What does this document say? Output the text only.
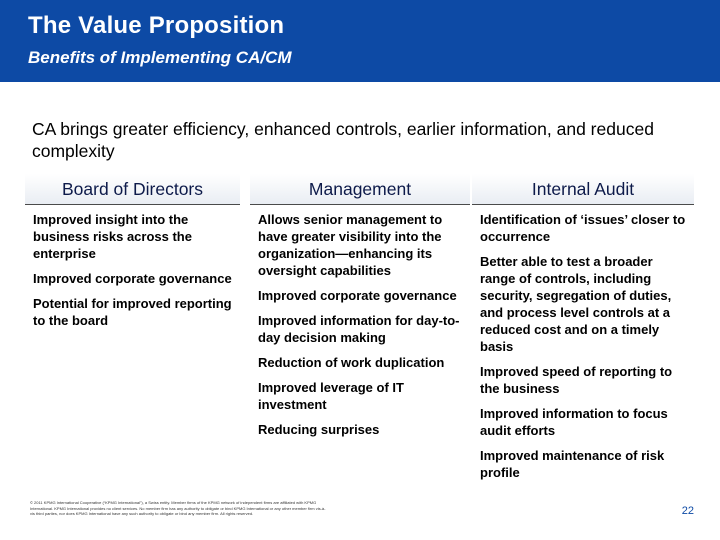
The Value Proposition
Benefits of Implementing CA/CM
CA brings greater efficiency, enhanced controls, earlier information, and reduced complexity
Board of Directors
Improved insight into the business risks across the enterprise
Improved corporate governance
Potential for improved reporting to the board
Management
Allows senior management to have greater visibility into the organization—enhancing its oversight capabilities
Improved corporate governance
Improved information for day-to-day decision making
Reduction of work duplication
Improved leverage of IT investment
Reducing surprises
Internal Audit
Identification of ‘issues’ closer to occurrence
Better able to test a broader range of controls, including security, segregation of duties, and process level controls at a reduced cost and on a timely basis
Improved speed of reporting to the business
Improved information to focus audit efforts
Improved maintenance of risk profile
© 2011 KPMG International Cooperative (“KPMG International”), a Swiss entity. Member firms of the KPMG network of independent firms are affiliated with KPMG International. KPMG International provides no client services. No member firm has any authority to obligate or bind KPMG International or any other member firm vis-à-vis third parties, nor does KPMG International have any such authority to obligate or bind any member firm. All rights reserved.	22
